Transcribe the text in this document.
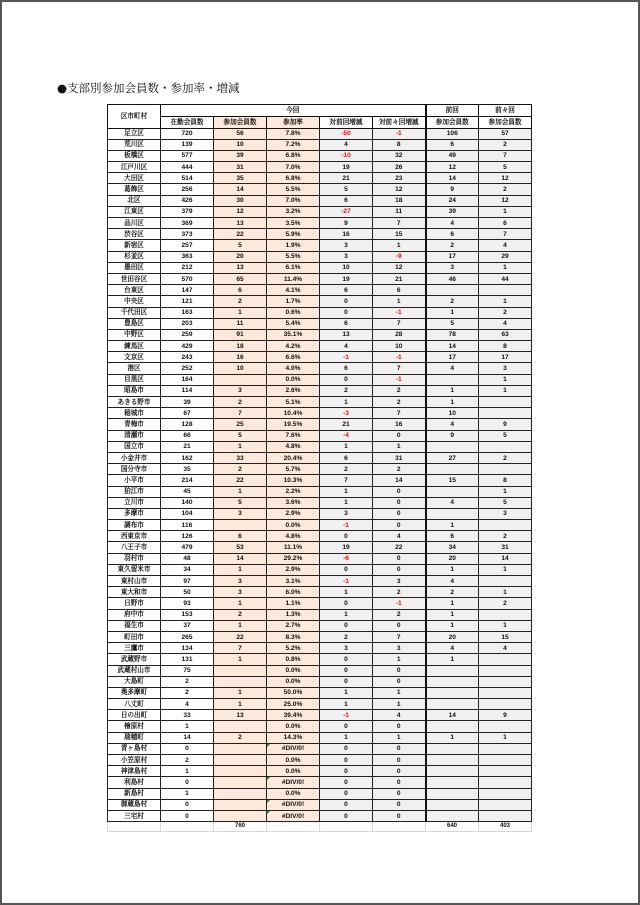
●支部別参加会員数・参加率・増減
区市町村	今回					前回	前々回
	在勤会員数	参加会員数	参加率	対前回増減	対前々回増減	参加会員数	参加会員数
足立区	720	56	7.8%	-50	-1	106	57
荒川区	139	10	7.2%	4	8	6	2
板橋区	577	39	6.8%	-10	32	49	7
江戸川区	444	31	7.0%	19	26	12	5
大田区	514	35	6.8%	21	23	14	12
葛飾区	256	14	5.5%	5	12	9	2
北区	426	30	7.0%	6	18	24	12
江東区	379	12	3.2%	-27	11	39	1
品川区	369	13	3.5%	9	7	4	6
渋谷区	373	22	5.9%	16	15	6	7
新宿区	257	5	1.9%	3	1	2	4
杉並区	363	20	5.5%	3	-9	17	29
墨田区	212	13	6.1%	10	12	3	1
世田谷区	570	65	11.4%	19	21	46	44
台東区	147	6	4.1%	6	6		
中央区	121	2	1.7%	0	1	2	1
千代田区	163	1	0.6%	0	-1	1	2
豊島区	203	11	5.4%	6	7	5	4
中野区	259	91	35.1%	13	28	78	63
練馬区	429	18	4.2%	4	10	14	8
文京区	243	16	6.6%	-1	-1	17	17
港区	252	10	4.0%	6	7	4	3
目黒区	164		0.0%	0	-1		1
昭島市	114	3	2.6%	2	2	1	1
あきる野市	39	2	5.1%	1	2	1	
稲城市	67	7	10.4%	-3	7	10	
青梅市	128	25	19.5%	21	16	4	9
清瀬市	66	5	7.6%	-4	0	9	5
国立市	21	1	4.8%	1	1		
小金井市	162	33	20.4%	6	31	27	2
国分寺市	35	2	5.7%	2	2		
小平市	214	22	10.3%	7	14	15	8
狛江市	45	1	2.2%	1	0		1
立川市	140	5	3.6%	1	0	4	5
多摩市	104	3	2.9%	3	0		3
調布市	116		0.0%	-1	0	1	
西東京市	126	6	4.8%	0	4	6	2
八王子市	479	53	11.1%	19	22	34	31
羽村市	48	14	29.2%	-6	0	20	14
東久留米市	34	1	2.9%	0	0	1	1
東村山市	97	3	3.1%	-1	3	4	
東大和市	50	3	6.0%	1	2	2	1
日野市	93	1	1.1%	0	-1	1	2
府中市	153	2	1.3%	1	2	1	
福生市	37	1	2.7%	0	0	1	1
町田市	265	22	8.3%	2	7	20	15
三鷹市	134	7	5.2%	3	3	4	4
武蔵野市	131	1	0.8%	0	1	1	
武蔵村山市	75		0.0%	0	0		
大島町	2		0.0%	0	0		
奥多摩町	2	1	50.0%	1	1		
八丈町	4	1	25.0%	1	1		
日の出町	33	13	39.4%	-1	4	14	9
檜原村	1		0.0%	0	0		
瑞穂町	14	2	14.3%	1	1	1	1
青ヶ島村	0		#DIV/0!	0	0		
小笠原村	2		0.0%	0	0		
神津島村	1		0.0%	0	0		
利島村	0		#DIV/0!	0	0		
新島村	1		0.0%	0	0		
御蔵島村	0		#DIV/0!	0	0		
三宅村	0		#DIV/0!	0	0		
		760				640	403
